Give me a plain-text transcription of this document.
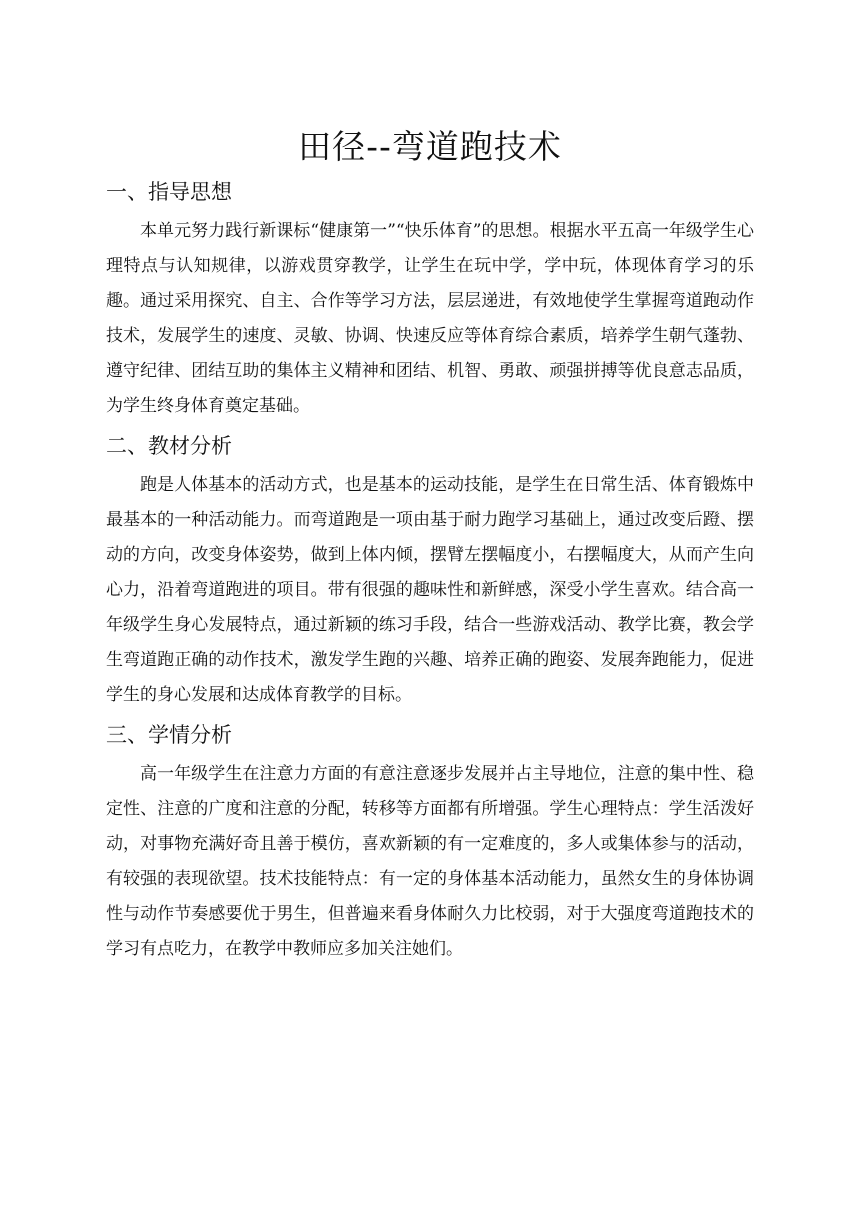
田径--弯道跑技术
一、指导思想

本单元努力践行新课标“健康第一”“快乐体育”的思想。根据水平五高一年级学生心理特点与认知规律，以游戏贯穿教学，让学生在玩中学，学中玩，体现体育学习的乐趣。通过采用探究、自主、合作等学习方法，层层递进，有效地使学生掌握弯道跑动作技术，发展学生的速度、灵敏、协调、快速反应等体育综合素质，培养学生朝气蓬勃、遵守纪律、团结互助的集体主义精神和团结、机智、勇敢、顽强拼搏等优良意志品质，为学生终身体育奠定基础。

二、教材分析

跑是人体基本的活动方式，也是基本的运动技能，是学生在日常生活、体育锻炼中最基本的一种活动能力。而弯道跑是一项由基于耐力跑学习基础上，通过改变后蹬、摆动的方向，改变身体姿势，做到上体内倾，摆臂左摆幅度小，右摆幅度大，从而产生向心力，沿着弯道跑进的项目。带有很强的趣味性和新鲜感，深受小学生喜欢。结合高一年级学生身心发展特点，通过新颖的练习手段，结合一些游戏活动、教学比赛，教会学生弯道跑正确的动作技术，激发学生跑的兴趣、培养正确的跑姿、发展奔跑能力，促进学生的身心发展和达成体育教学的目标。

三、学情分析

高一年级学生在注意力方面的有意注意逐步发展并占主导地位，注意的集中性、稳定性、注意的广度和注意的分配，转移等方面都有所增强。学生心理特点：学生活泼好动，对事物充满好奇且善于模仿，喜欢新颖的有一定难度的，多人或集体参与的活动，有较强的表现欲望。技术技能特点：有一定的身体基本活动能力，虽然女生的身体协调性与动作节奏感要优于男生，但普遍来看身体耐久力比校弱，对于大强度弯道跑技术的学习有点吃力，在教学中教师应多加关注她们。
